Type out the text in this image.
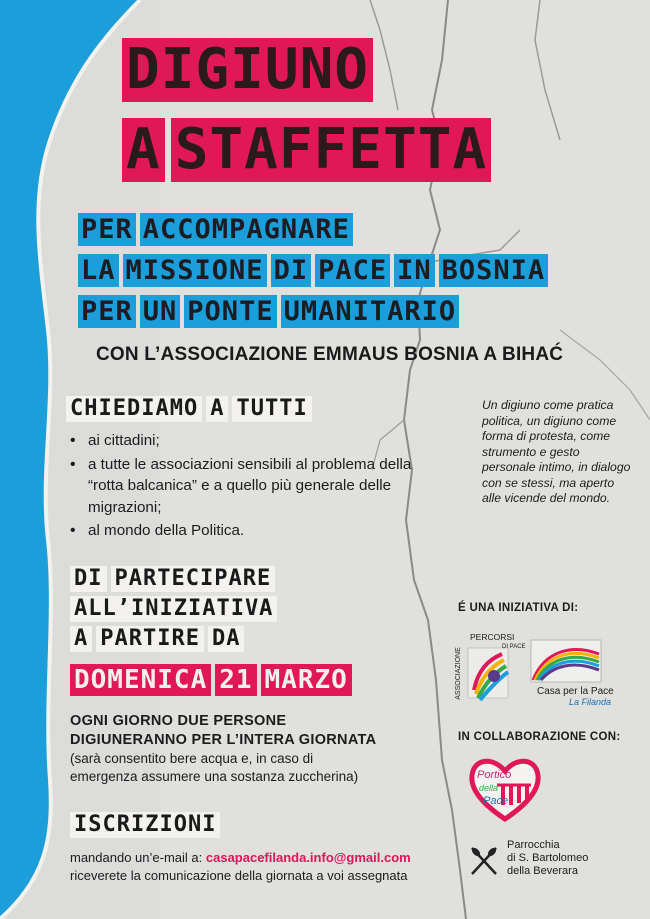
DIGIUNO
A STAFFETTA
PER ACCOMPAGNARE
LA MISSIONE DI PACE IN BOSNIA
PER UN PONTE UMANITARIO
CON L’ASSOCIAZIONE EMMAUS BOSNIA A BIHAĆ
CHIEDIAMO A TUTTI
• ai cittadini;
• a tutte le associazioni sensibili al problema della “rotta balcanica” e a quello più generale delle migrazioni;
• al mondo della Politica.
Un digiuno come pratica politica, un digiuno come forma di protesta, come strumento e gesto personale intimo, in dialogo con se stessi, ma aperto alle vicende del mondo.
DI PARTECIPARE
ALL’INIZIATIVA
A PARTIRE DA
DOMENICA 21 MARZO
OGNI GIORNO DUE PERSONE
DIGIUNERANNO PER L’INTERA GIORNATA
(sarà consentito bere acqua e, in caso di
emergenza assumere una sostanza zuccherina)
ISCRIZIONI
mandando un’e-mail a: casapacefilanda.info@gmail.com
riceverete la comunicazione della giornata a voi assegnata
É UNA INIZIATIVA DI:
PERCORSI
ASSOCIAZIONE
DI PACE
Casa per la Pace
La Filanda
IN COLLABORAZIONE CON:
Portico
della
Pace
Parrocchia
di S. Bartolomeo
della Beverara
